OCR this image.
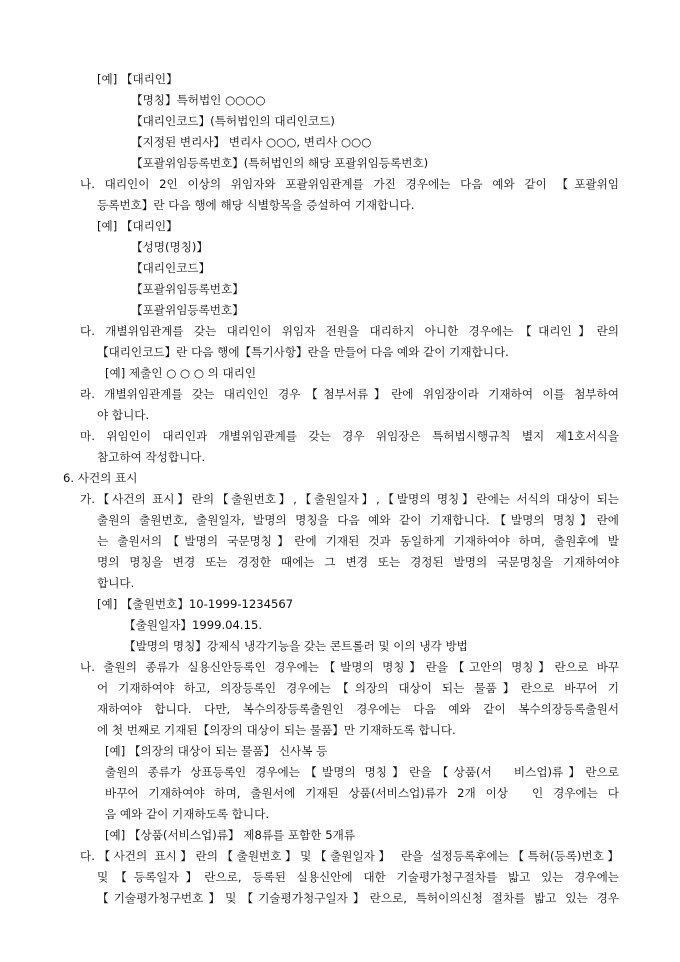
[예] 【대리인】
【명칭】특허법인 ○○○○
【대리인코드】(특허법인의 대리인코드)
【지정된 변리사】 변리사 ○○○, 변리사 ○○○
【포괄위임등록번호】(특허법인의 해당 포괄위임등록번호)
나. 대리인이 2인 이상의 위임자와 포괄위임관계를 가진 경우에는 다음 예와 같이 【포괄위임
등록번호】란 다음 행에 해당 식별항목을 증설하여 기재합니다.
[예] 【대리인】
【성명(명칭)】
【대리인코드】
【포괄위임등록번호】
【포괄위임등록번호】
다. 개별위임관계를 갖는 대리인이 위임자 전원을 대리하지 아니한 경우에는【대리인】란의
【대리인코드】란 다음 행에【특기사항】란을 만들어 다음 예와 같이 기재합니다.
[예] 제출인 ○ ○ ○ 의 대리인
라. 개별위임관계를 갖는 대리인인 경우【첨부서류】란에 위임장이라 기재하여 이를 첨부하여
야 합니다.
마. 위임인이 대리인과 개별위임관계를 갖는 경우 위임장은 특허법시행규칙 별지 제1호서식을
참고하여 작성합니다.
6. 사건의 표시
가.【사건의 표시】란의【출원번호】,【출원일자】,【발명의 명칭】란에는 서식의 대상이 되는
출원의 출원번호, 출원일자, 발명의 명칭을 다음 예와 같이 기재합니다.【발명의 명칭】란에
는 출원서의【발명의 국문명칭】란에 기재된 것과 동일하게 기재하여야 하며, 출원후에 발
명의 명칭을 변경 또는 경정한 때에는 그 변경 또는 경정된 발명의 국문명칭을 기재하여야
합니다.
[예] 【출원번호】10-1999-1234567
【출원일자】1999.04.15.
【발명의 명칭】강제식 냉각기능을 갖는 콘트롤러 및 이의 냉각 방법
나. 출원의 종류가 실용신안등록인 경우에는【발명의 명칭】란을【고안의 명칭】란으로 바꾸
어 기재하여야 하고, 의장등록인 경우에는【의장의 대상이 되는 물품】란으로 바꾸어 기
재하여야 합니다. 다만, 복수의장등록출원인 경우에는 다음 예와 같이 복수의장등록출원서
에 첫 번째로 기재된【의장의 대상이 되는 물품】만 기재하도록 합니다.
[예] 【의장의 대상이 되는 물품】 신사복 등
출원의 종류가 상표등록인 경우에는【발명의 명칭】란을【상품(서　비스업)류】란으로
바꾸어 기재하여야 하며, 출원서에 기재된 상품(서비스업)류가 2개 이상　인 경우에는 다
음 예와 같이 기재하도록 합니다.
[예] 【상품(서비스업)류】 제8류를 포함한 5개류
다.【사건의 표시】란의【출원번호】및【출원일자】 란을 설정등록후에는【특허(등록)번호】
및【등록일자】란으로, 등록된 실용신안에 대한 기술평가청구절차를 밟고 있는 경우에는
【기술평가청구번호】및【기술평가청구일자】란으로, 특허이의신청 절차를 밟고 있는 경우
